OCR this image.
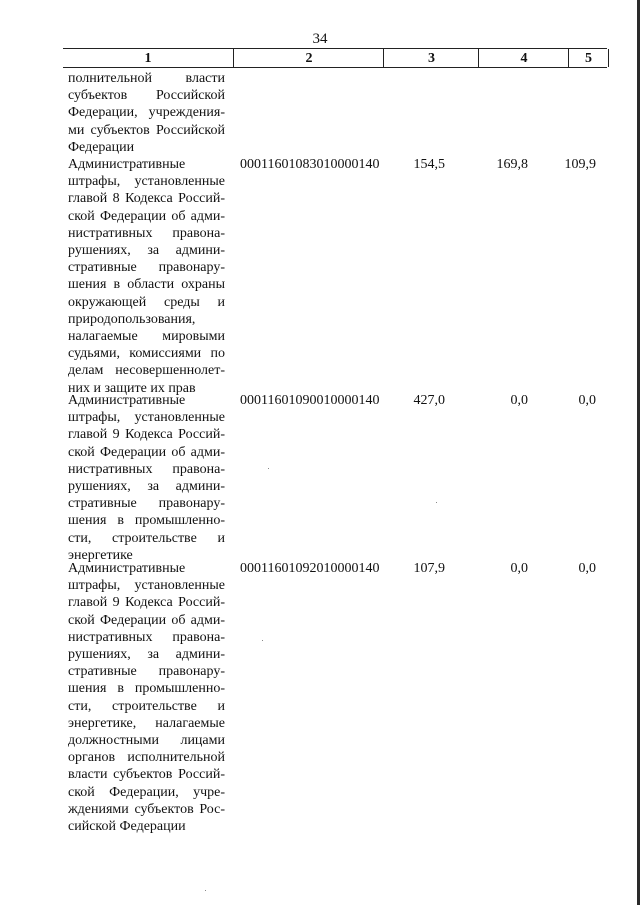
34
1	2	3	4	5
полнительной власти
субъектов Российской
Федерации, учреждения-
ми субъектов Российской
Федерации
Административные
штрафы, установленные
главой 8 Кодекса Россий-
ской Федерации об адми-
нистративных правона-
рушениях, за админи-
стративные правонару-
шения в области охраны
окружающей среды и
природопользования,
налагаемые мировыми
судьями, комиссиями по
делам несовершеннолет-
них и защите их прав
00011601083010000140	154,5	169,8	109,9
Административные
штрафы, установленные
главой 9 Кодекса Россий-
ской Федерации об адми-
нистративных правона-
рушениях, за админи-
стративные правонару-
шения в промышленно-
сти, строительстве и
энергетике
00011601090010000140	427,0	0,0	0,0
Административные
штрафы, установленные
главой 9 Кодекса Россий-
ской Федерации об адми-
нистративных правона-
рушениях, за админи-
стративные правонару-
шения в промышленно-
сти, строительстве и
энергетике, налагаемые
должностными лицами
органов исполнительной
власти субъектов Россий-
ской Федерации, учре-
ждениями субъектов Рос-
сийской Федерации
00011601092010000140	107,9	0,0	0,0
